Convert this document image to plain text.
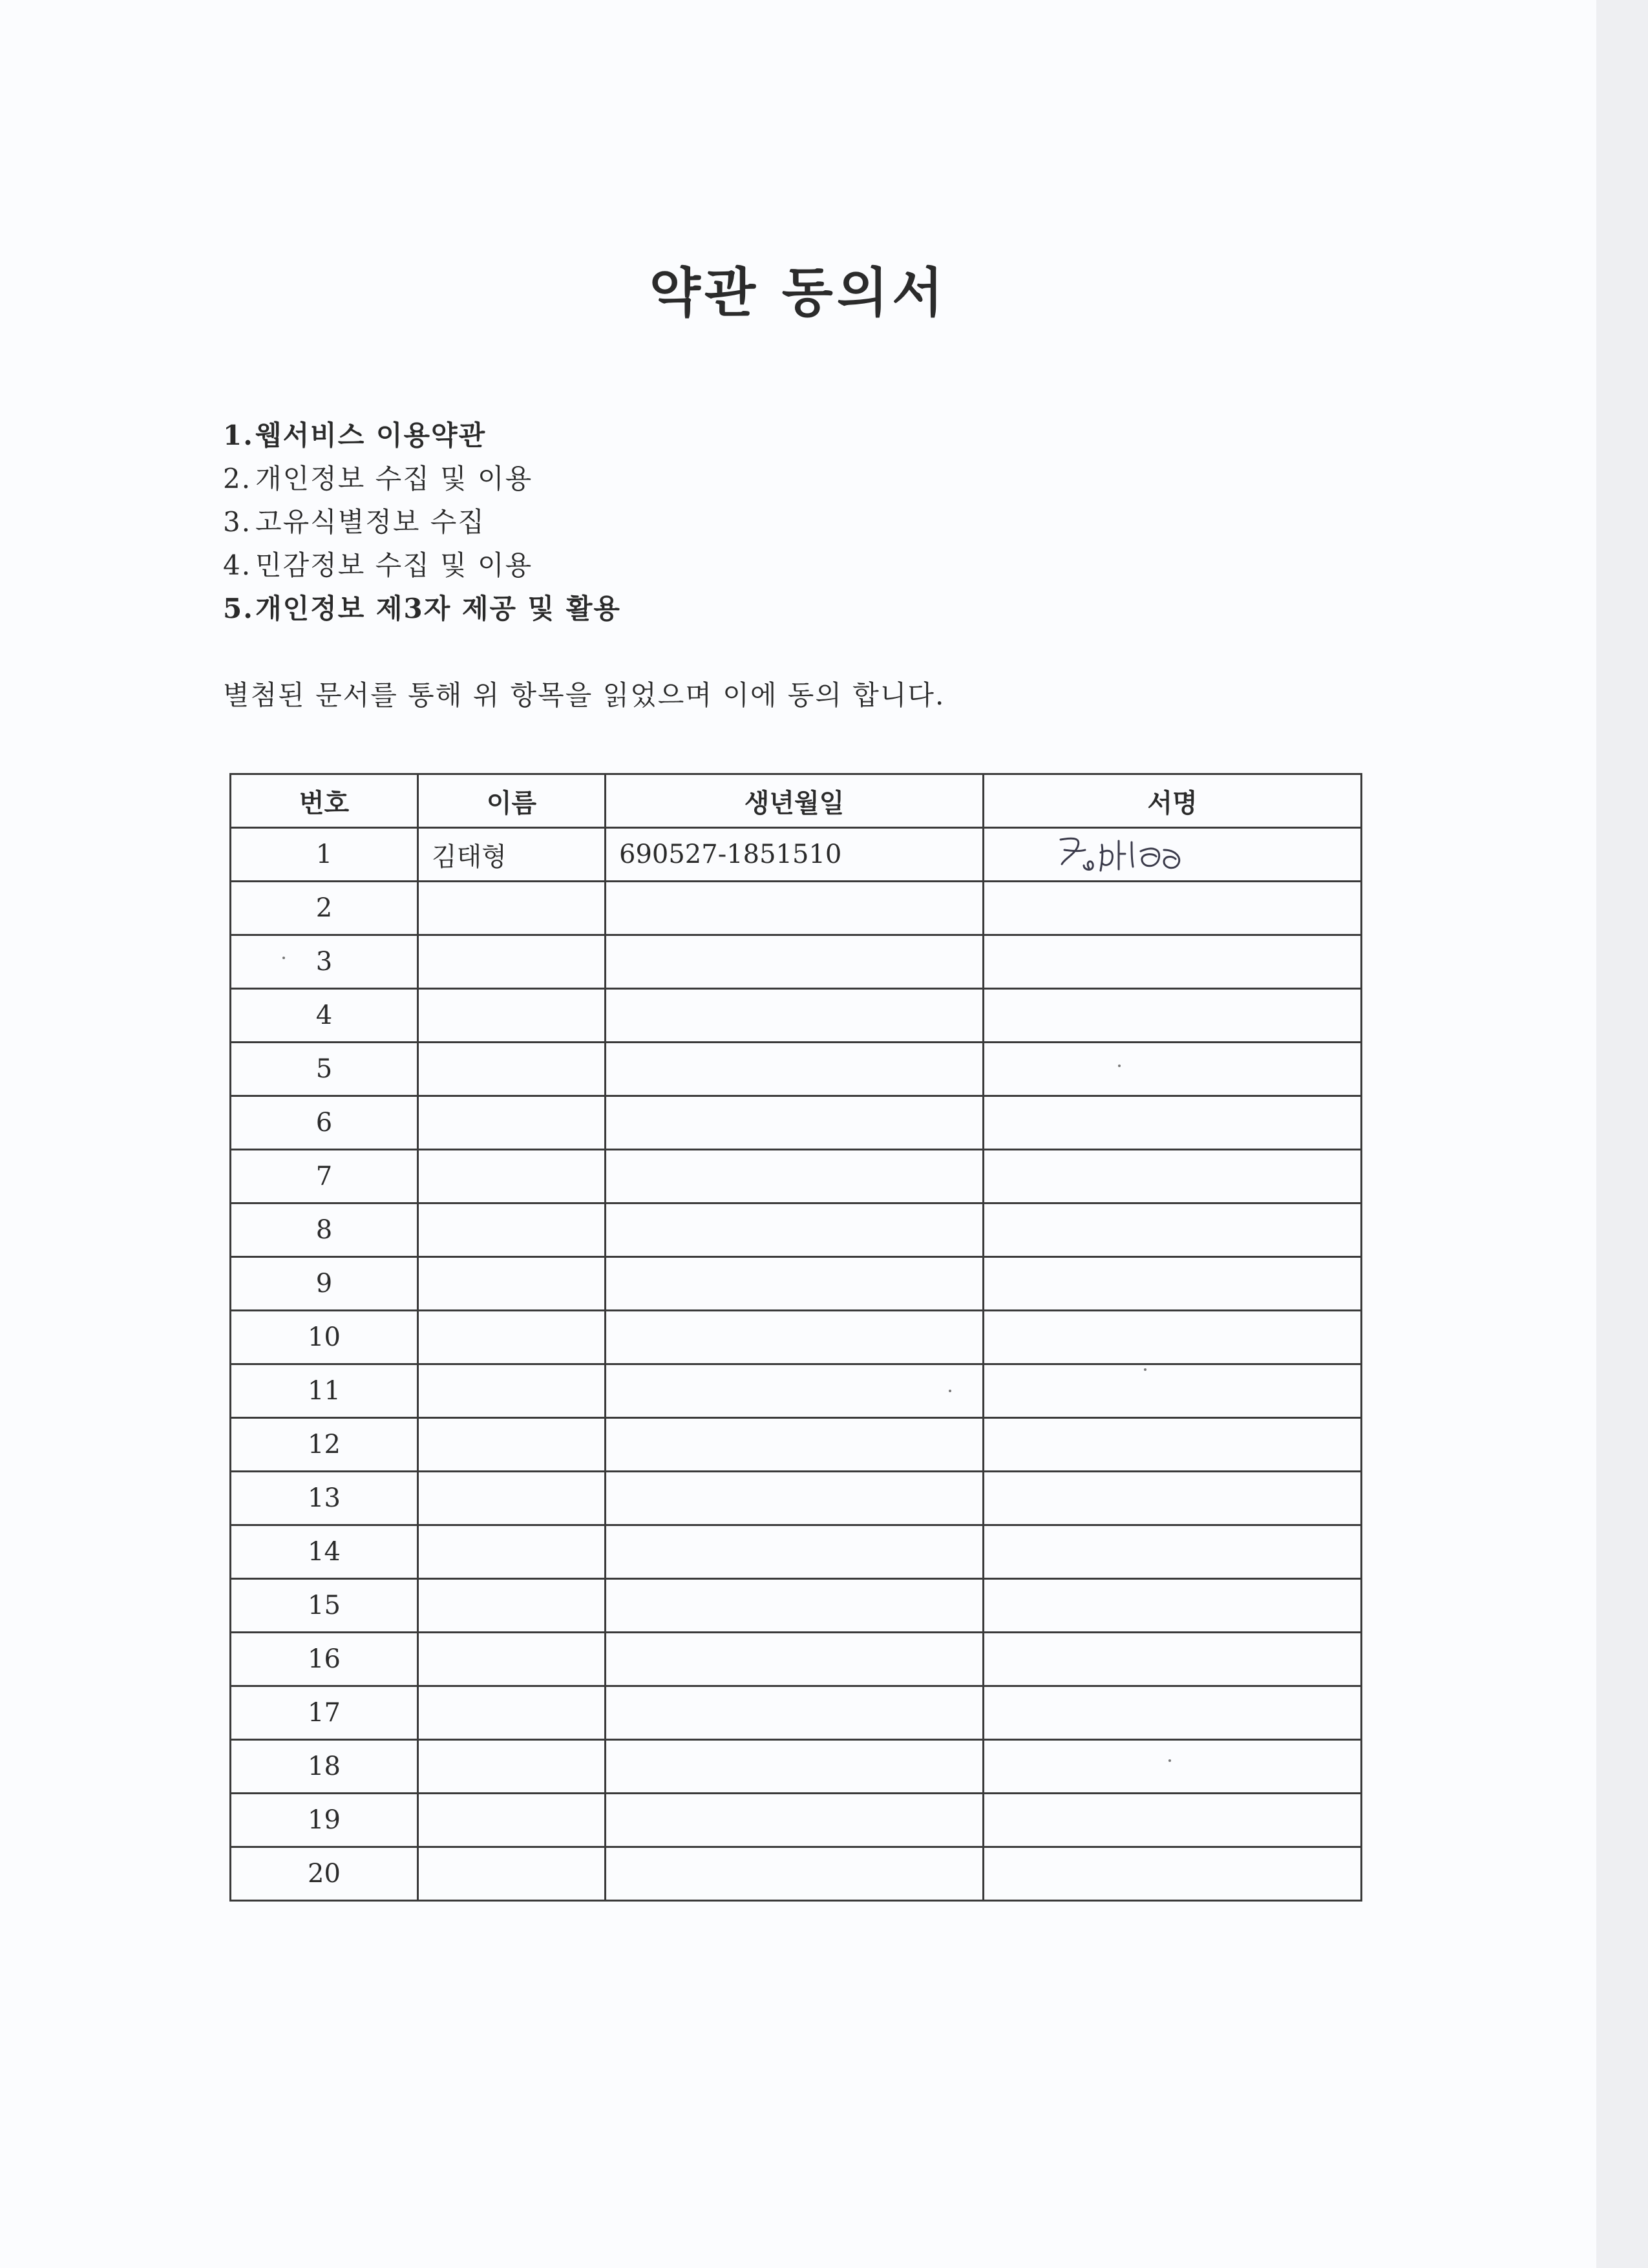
약관 동의서
1.웹서비스 이용약관
2. 개인정보 수집 및 이용
3. 고유식별정보 수집
4. 민감정보 수집 및 이용
5.개인정보 제3자 제공 및 활용
별첨된 문서를 통해 위 항목을 읽었으며 이에 동의 합니다.
번호	이름	생년월일	서명
1	김태형	690527-1851510	

2			
3			
4			
5			
6			
7			
8			
9			
10			
11			
12			
13			
14			
15			
16			
17			
18			
19			
20			
